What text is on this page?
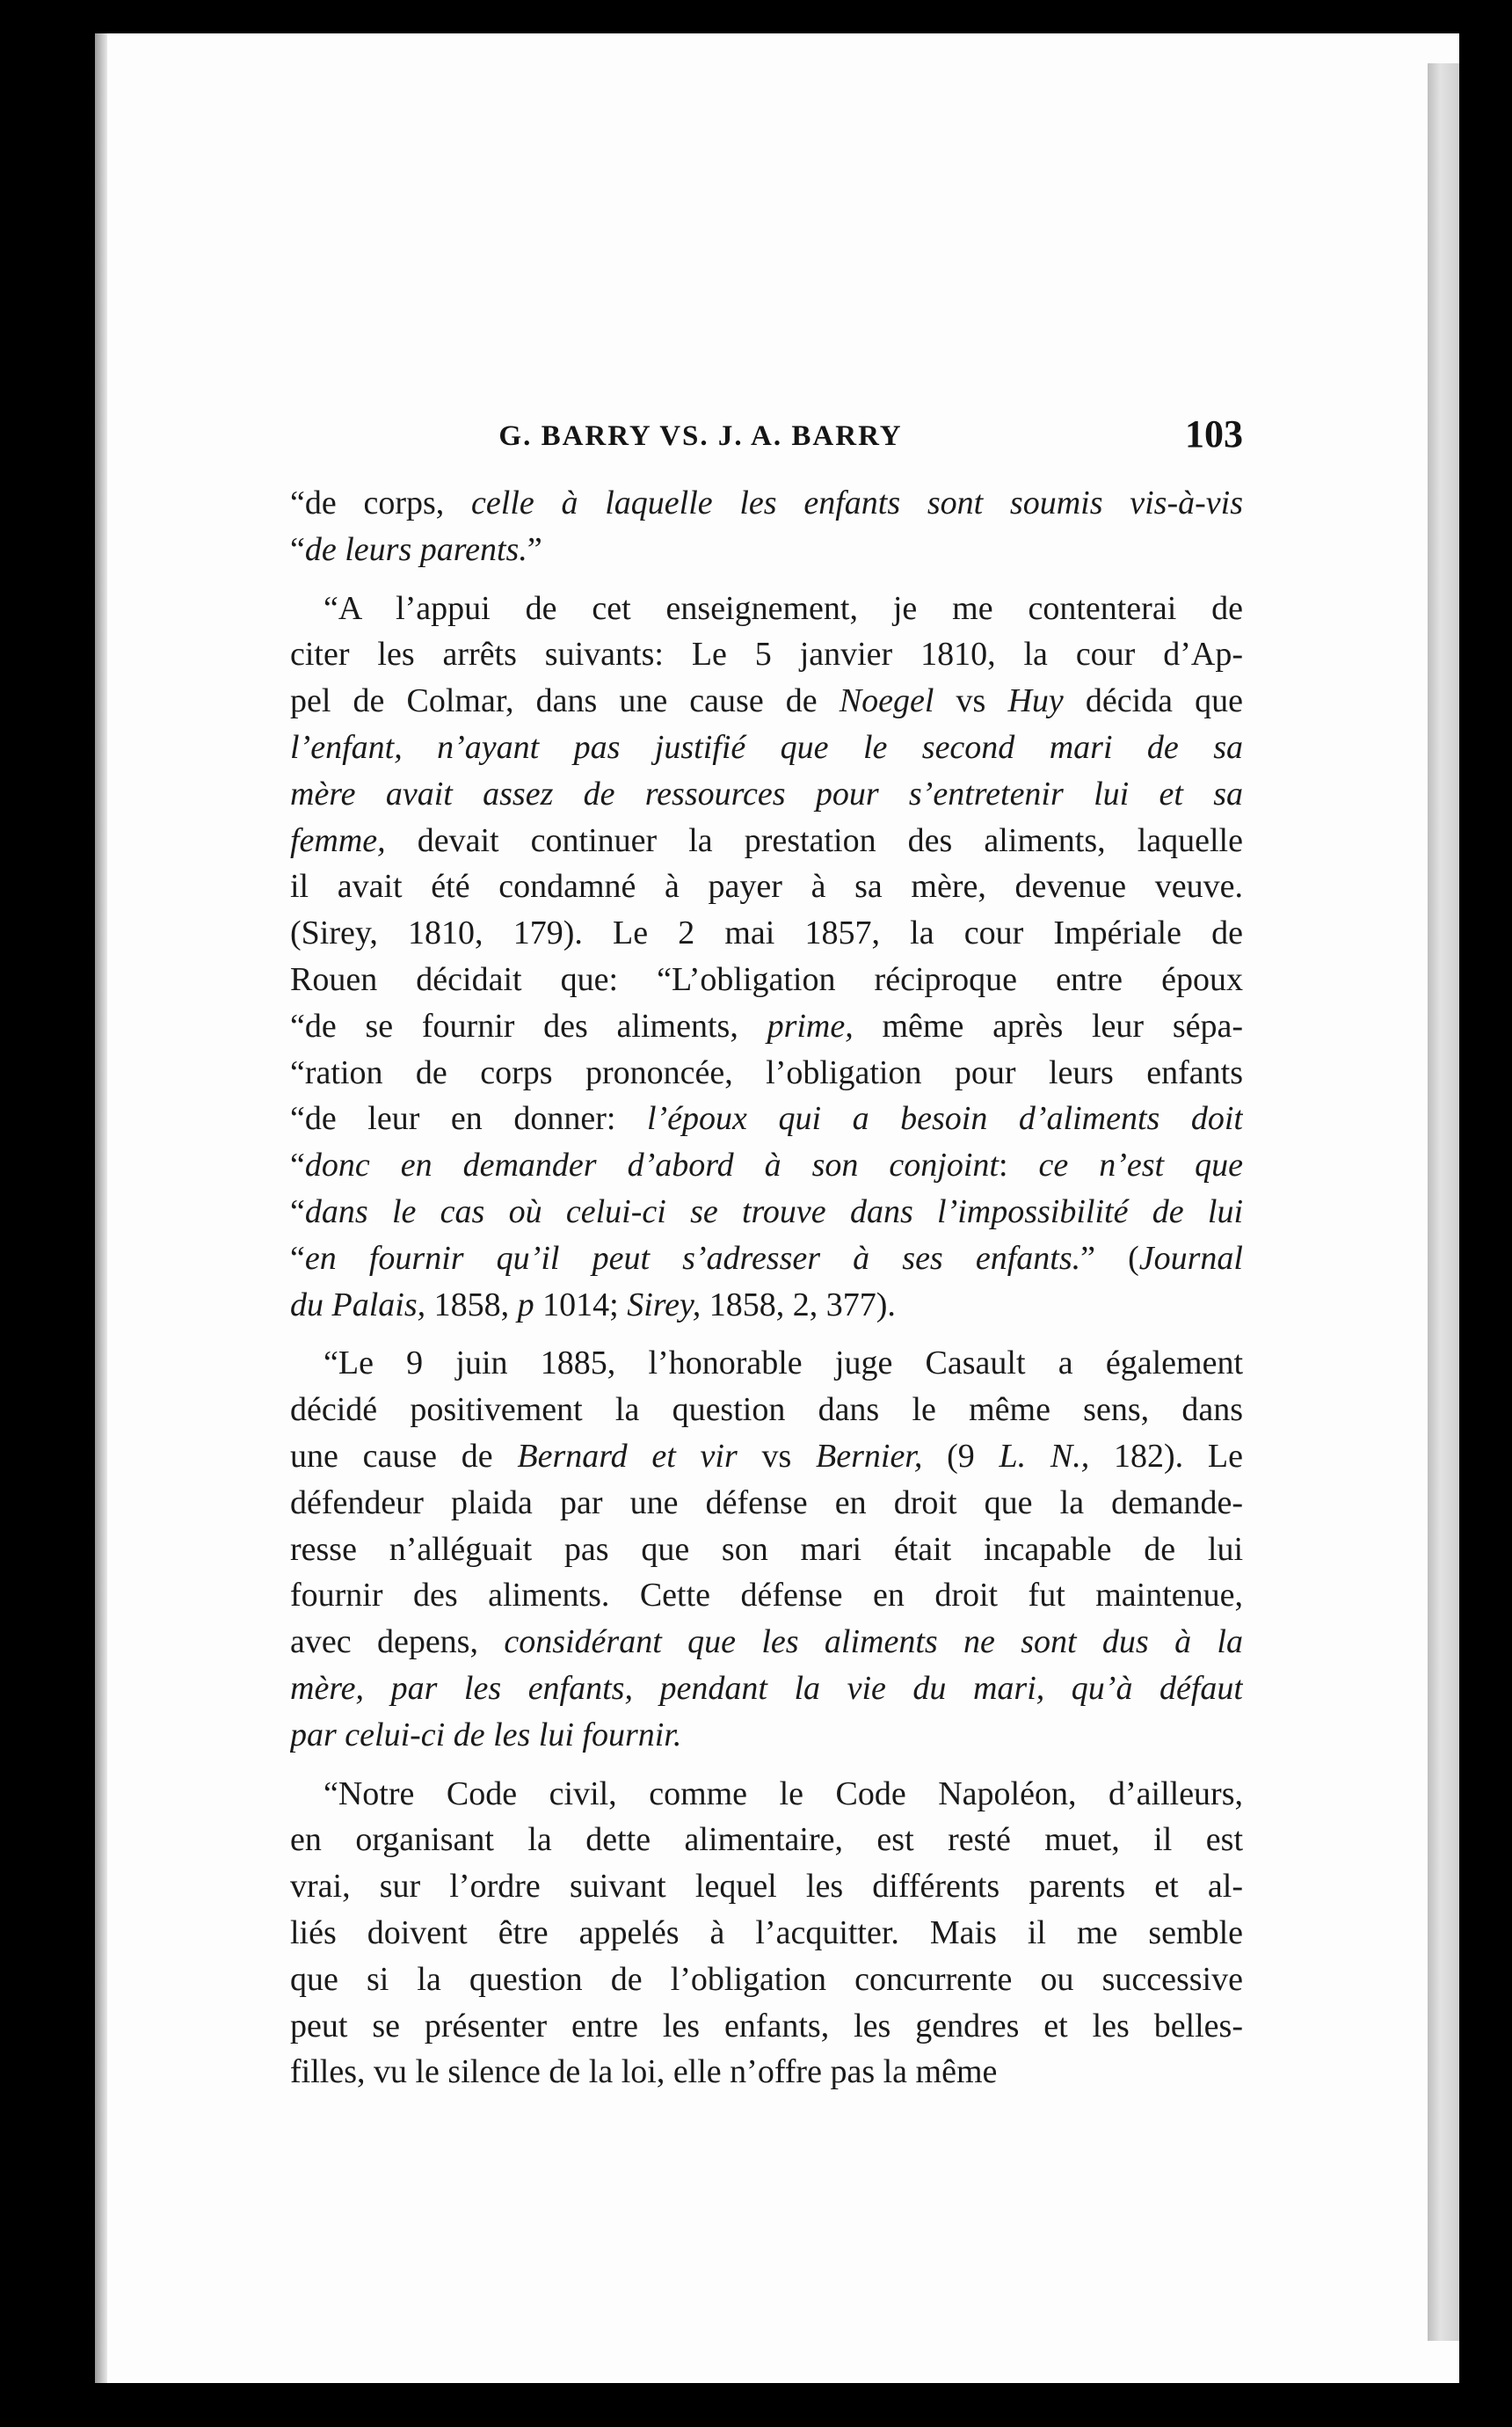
G. BARRY VS. J. A. BARRY	103
“de corps, celle à laquelle les enfants sont soumis vis-à-vis
“de leurs parents.”
“A l’appui de cet enseignement, je me contenterai de
citer les arrêts suivants: Le 5 janvier 1810, la cour d’Ap-
pel de Colmar, dans une cause de Noegel vs Huy décida que
l’enfant, n’ayant pas justifié que le second mari de sa
mère avait assez de ressources pour s’entretenir lui et sa
femme, devait continuer la prestation des aliments, laquelle
il avait été condamné à payer à sa mère, devenue veuve.
(Sirey, 1810, 179). Le 2 mai 1857, la cour Impériale de
Rouen décidait que: “L’obligation réciproque entre époux
“de se fournir des aliments, prime, même après leur sépa-
“ration de corps prononcée, l’obligation pour leurs enfants
“de leur en donner: l’époux qui a besoin d’aliments doit
“donc en demander d’abord à son conjoint: ce n’est que
“dans le cas où celui-ci se trouve dans l’impossibilité de lui
“en fournir qu’il peut s’adresser à ses enfants.” (Journal
du Palais, 1858, p 1014; Sirey, 1858, 2, 377).
“Le 9 juin 1885, l’honorable juge Casault a également
décidé positivement la question dans le même sens, dans
une cause de Bernard et vir vs Bernier, (9 L. N., 182). Le
défendeur plaida par une défense en droit que la demande-
resse n’alléguait pas que son mari était incapable de lui
fournir des aliments. Cette défense en droit fut maintenue,
avec depens, considérant que les aliments ne sont dus à la
mère, par les enfants, pendant la vie du mari, qu’à défaut
par celui-ci de les lui fournir.
“Notre Code civil, comme le Code Napoléon, d’ailleurs,
en organisant la dette alimentaire, est resté muet, il est
vrai, sur l’ordre suivant lequel les différents parents et al-
liés doivent être appelés à l’acquitter. Mais il me semble
que si la question de l’obligation concurrente ou successive
peut se présenter entre les enfants, les gendres et les belles-
filles, vu le silence de la loi, elle n’offre pas la même
